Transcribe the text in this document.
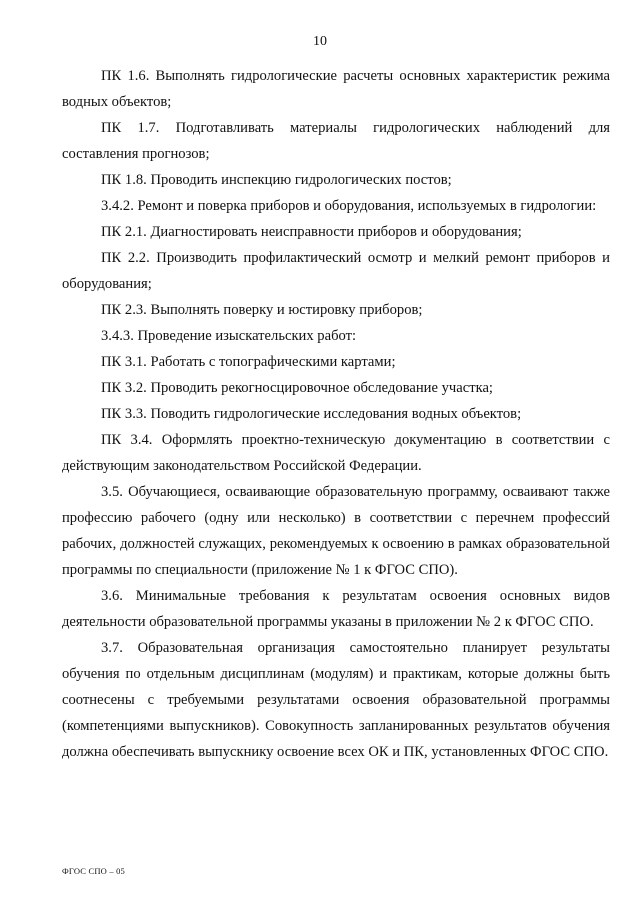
10

ПК 1.6. Выполнять гидрологические расчеты основных характеристик режима водных объектов;

ПК 1.7. Подготавливать материалы гидрологических наблюдений для составления прогнозов;

ПК 1.8. Проводить инспекцию гидрологических постов;

3.4.2. Ремонт и поверка приборов и оборудования, используемых в гидрологии:

ПК 2.1. Диагностировать неисправности приборов и оборудования;

ПК 2.2. Производить профилактический осмотр и мелкий ремонт приборов и оборудования;

ПК 2.3. Выполнять поверку и юстировку приборов;

3.4.3. Проведение изыскательских работ:

ПК 3.1. Работать с топографическими картами;

ПК 3.2. Проводить рекогносцировочное обследование участка;

ПК 3.3. Поводить гидрологические исследования водных объектов;

ПК 3.4. Оформлять проектно-техническую документацию в соответствии с действующим законодательством Российской Федерации.

3.5. Обучающиеся, осваивающие образовательную программу, осваивают также профессию рабочего (одну или несколько) в соответствии с перечнем профессий рабочих, должностей служащих, рекомендуемых к освоению в рамках образовательной программы по специальности (приложение № 1 к ФГОС СПО).

3.6. Минимальные требования к результатам освоения основных видов деятельности образовательной программы указаны в приложении № 2 к ФГОС СПО.

3.7. Образовательная организация самостоятельно планирует результаты обучения по отдельным дисциплинам (модулям) и практикам, которые должны быть соотнесены с требуемыми результатами освоения образовательной программы (компетенциями выпускников). Совокупность запланированных результатов обучения должна обеспечивать выпускнику освоение всех ОК и ПК, установленных ФГОС СПО.

ФГОС СПО – 05
